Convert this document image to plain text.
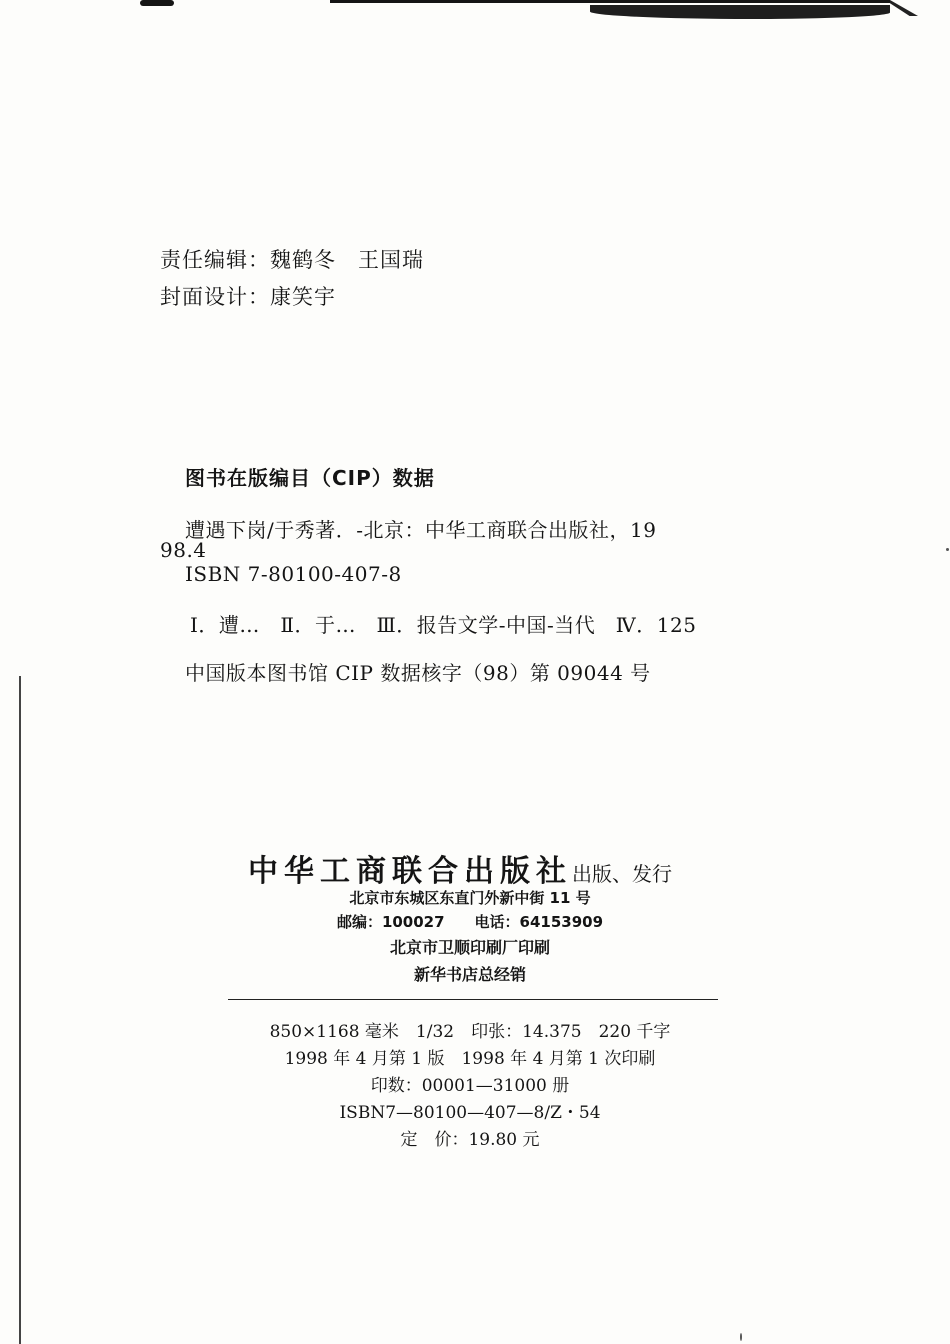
责任编辑：魏鹤冬　王国瑞
封面设计：康笑宇
图书在版编目（CIP）数据
遭遇下岗/于秀著．-北京：中华工商联合出版社，19
98.4
ISBN 7-80100-407-8
Ⅰ．遭…　Ⅱ．于…　Ⅲ．报告文学-中国-当代　Ⅳ．125
中国版本图书馆 CIP 数据核字（98）第 09044 号
中华工商联合出版社出版、发行
北京市东城区东直门外新中街 11 号
邮编：100027　　电话：64153909
北京市卫顺印刷厂印刷
新华书店总经销
850×1168 毫米　1/32　印张：14.375　220 千字
1998 年 4 月第 1 版　1998 年 4 月第 1 次印刷
印数：00001—31000 册
ISBN7—80100—407—8/Z・54
定　价：19.80 元
